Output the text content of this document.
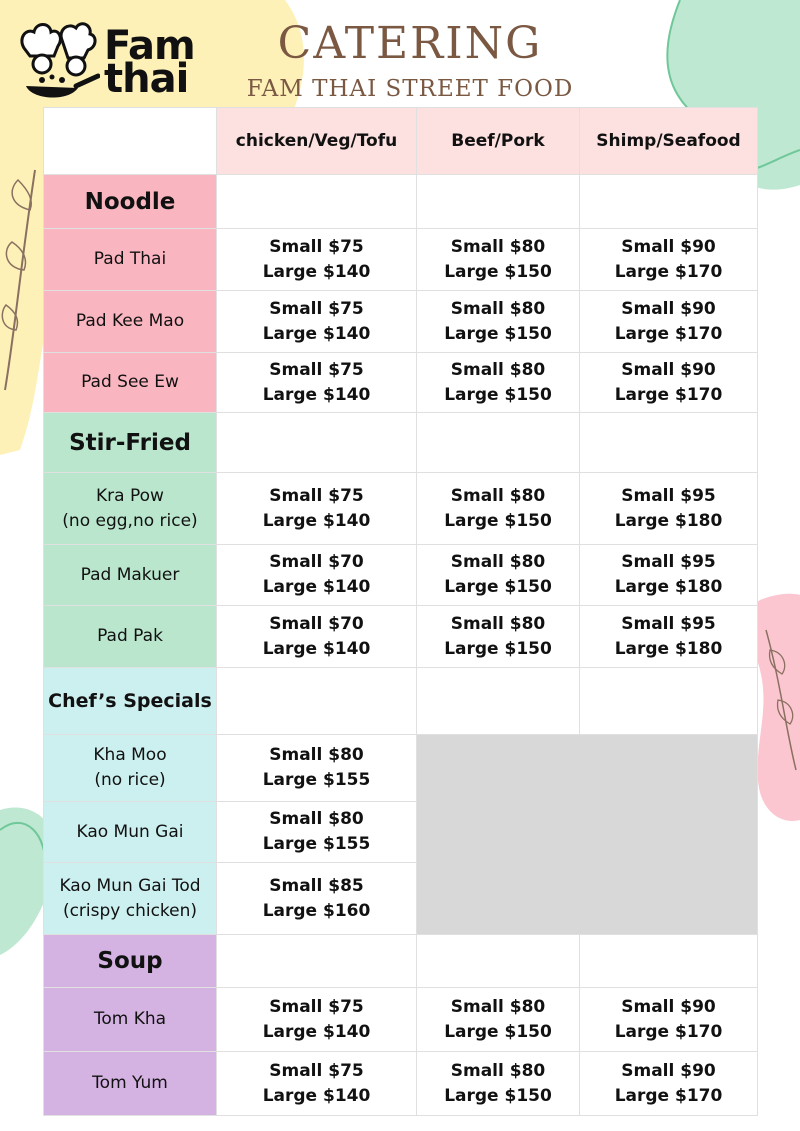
Fam
thai
CATERING
FAM THAI STREET FOOD
	chicken/Veg/Tofu	Beef/Pork	Shimp/Seafood
Noodle			

Pad Thai	Small $75
Large $140	Small $80
Large $150	Small $90
Large $170

Pad Kee Mao	Small $75
Large $140	Small $80
Large $150	Small $90
Large $170

Pad See Ew	Small $75
Large $140	Small $80
Large $150	Small $90
Large $170

Stir-Fried			

Kra Pow
(no egg,no rice)	Small $75
Large $140	Small $80
Large $150	Small $95
Large $180

Pad Makuer	Small $70
Large $140	Small $80
Large $150	Small $95
Large $180

Pad Pak	Small $70
Large $140	Small $80
Large $150	Small $95
Large $180

Chef’s Specials			

Kha Moo
(no rice)	Small $80
Large $155		

Kao Mun Gai	Small $80
Large $155		

Kao Mun Gai Tod
(crispy chicken)	Small $85
Large $160		

Soup			

Tom Kha	Small $75
Large $140	Small $80
Large $150	Small $90
Large $170

Tom Yum	Small $75
Large $140	Small $80
Large $150	Small $90
Large $170
